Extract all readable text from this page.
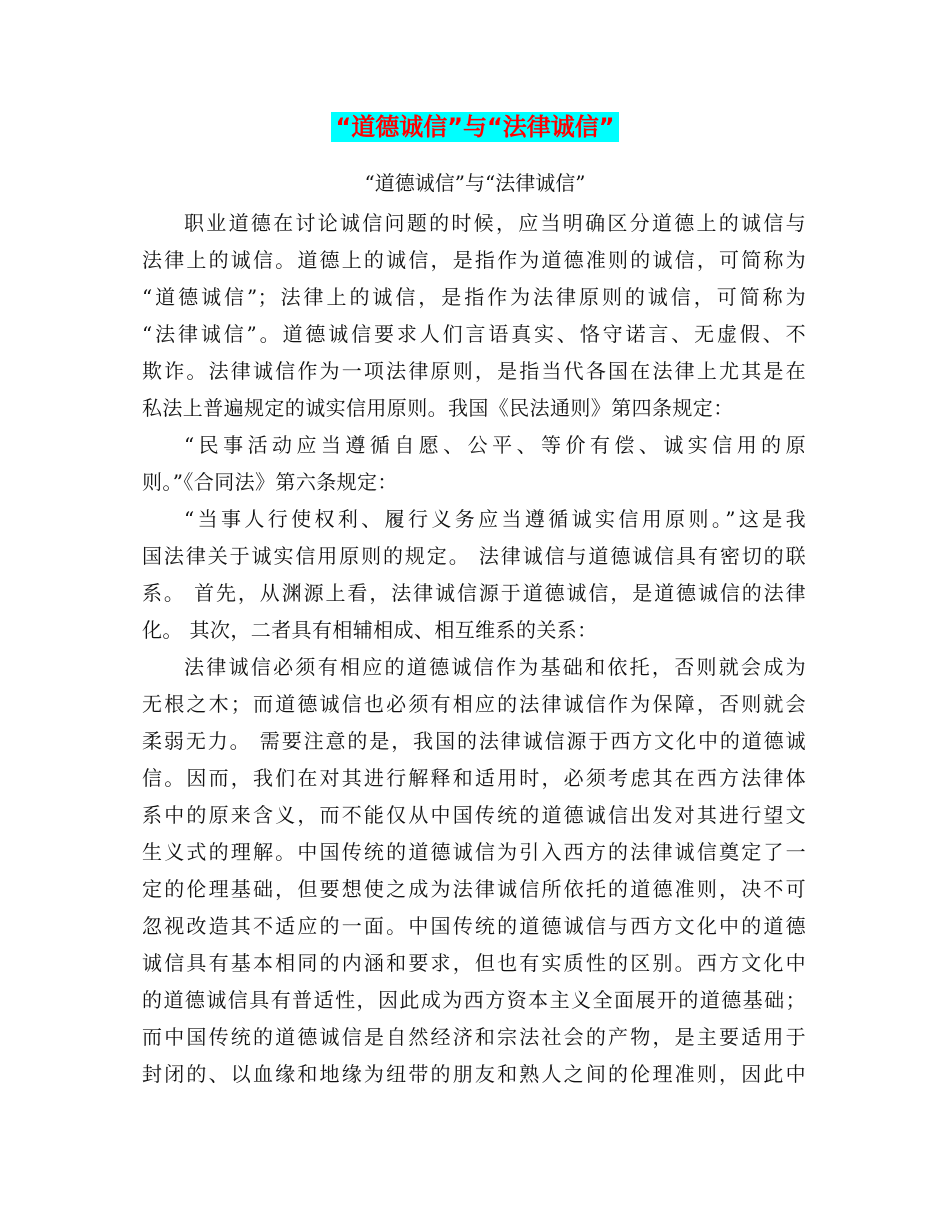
“道德诚信”与“法律诚信”
“道德诚信”与“法律诚信”
职业道德在讨论诚信问题的时候，应当明确区分道德上的诚信与
法律上的诚信。道德上的诚信，是指作为道德准则的诚信，可简称为
“道德诚信”；法律上的诚信，是指作为法律原则的诚信，可简称为
“法律诚信”。道德诚信要求人们言语真实、恪守诺言、无虚假、不
欺诈。法律诚信作为一项法律原则，是指当代各国在法律上尤其是在
私法上普遍规定的诚实信用原则。我国《民法通则》第四条规定：
“民事活动应当遵循自愿、公平、等价有偿、诚实信用的原
则。”《合同法》第六条规定：
“当事人行使权利、履行义务应当遵循诚实信用原则。”这是我
国法律关于诚实信用原则的规定。 法律诚信与道德诚信具有密切的联
系。 首先，从渊源上看，法律诚信源于道德诚信，是道德诚信的法律
化。 其次，二者具有相辅相成、相互维系的关系：
法律诚信必须有相应的道德诚信作为基础和依托，否则就会成为
无根之木；而道德诚信也必须有相应的法律诚信作为保障，否则就会
柔弱无力。 需要注意的是，我国的法律诚信源于西方文化中的道德诚
信。因而，我们在对其进行解释和适用时，必须考虑其在西方法律体
系中的原来含义，而不能仅从中国传统的道德诚信出发对其进行望文
生义式的理解。中国传统的道德诚信为引入西方的法律诚信奠定了一
定的伦理基础，但要想使之成为法律诚信所依托的道德准则，决不可
忽视改造其不适应的一面。中国传统的道德诚信与西方文化中的道德
诚信具有基本相同的内涵和要求，但也有实质性的区别。西方文化中
的道德诚信具有普适性，因此成为西方资本主义全面展开的道德基础；
而中国传统的道德诚信是自然经济和宗法社会的产物，是主要适用于
封闭的、以血缘和地缘为纽带的朋友和熟人之间的伦理准则，因此中
